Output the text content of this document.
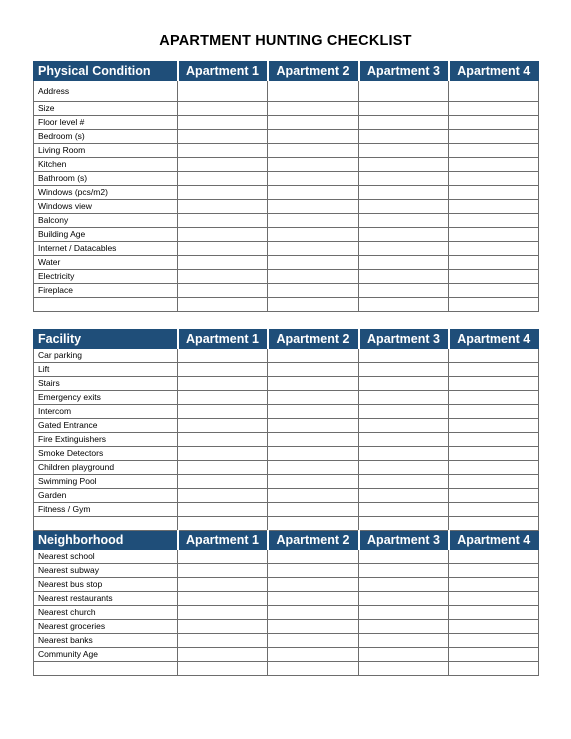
APARTMENT HUNTING CHECKLIST
Physical Condition	Apartment 1	Apartment 2	Apartment 3	Apartment 4
Address				
Size				
Floor level #				
Bedroom (s)				
Living Room				
Kitchen				
Bathroom (s)				
Windows (pcs/m2)				
Windows view				
Balcony				
Building Age				
Internet / Datacables				
Water				
Electricity				
Fireplace				

Facility	Apartment 1	Apartment 2	Apartment 3	Apartment 4
Car parking				
Lift				
Stairs				
Emergency exits				
Intercom				
Gated Entrance				
Fire Extinguishers				
Smoke Detectors				
Children playground				
Swimming Pool				
Garden				
Fitness / Gym				

Neighborhood	Apartment 1	Apartment 2	Apartment 3	Apartment 4
Nearest school				
Nearest subway				
Nearest bus stop				
Nearest restaurants				
Nearest church				
Nearest groceries				
Nearest banks				
Community Age				
